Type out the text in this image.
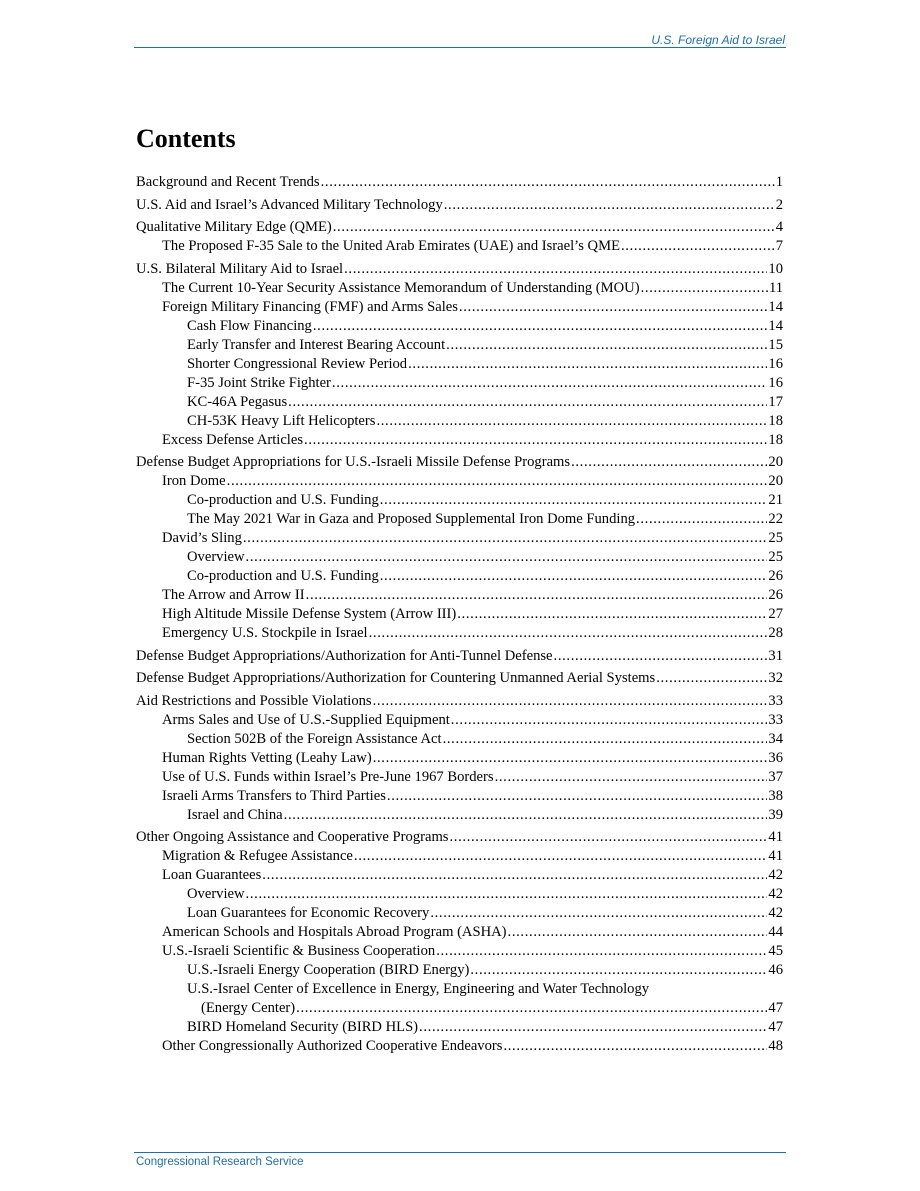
U.S. Foreign Aid to Israel
Contents
Background and Recent Trends . . .	1
U.S. Aid and Israel’s Advanced Military Technology . . .	2
Qualitative Military Edge (QME) . . .	4
The Proposed F-35 Sale to the United Arab Emirates (UAE) and Israel’s QME . . .	7
U.S. Bilateral Military Aid to Israel . . .	10
The Current 10-Year Security Assistance Memorandum of Understanding (MOU) . . .	11
Foreign Military Financing (FMF) and Arms Sales . . .	14
Cash Flow Financing . . .	14
Early Transfer and Interest Bearing Account . . .	15
Shorter Congressional Review Period . . .	16
F-35 Joint Strike Fighter . . .	16
KC-46A Pegasus . . .	17
CH-53K Heavy Lift Helicopters . . .	18
Excess Defense Articles . . .	18
Defense Budget Appropriations for U.S.-Israeli Missile Defense Programs . . .	20
Iron Dome . . .	20
Co-production and U.S. Funding . . .	21
The May 2021 War in Gaza and Proposed Supplemental Iron Dome Funding . . .	22
David’s Sling . . .	25
Overview . . .	25
Co-production and U.S. Funding . . .	26
The Arrow and Arrow II . . .	26
High Altitude Missile Defense System (Arrow III) . . .	27
Emergency U.S. Stockpile in Israel . . .	28
Defense Budget Appropriations/Authorization for Anti-Tunnel Defense . . .	31
Defense Budget Appropriations/Authorization for Countering Unmanned Aerial Systems . . .	32
Aid Restrictions and Possible Violations . . .	33
Arms Sales and Use of U.S.-Supplied Equipment . . .	33
Section 502B of the Foreign Assistance Act . . .	34
Human Rights Vetting (Leahy Law) . . .	36
Use of U.S. Funds within Israel’s Pre-June 1967 Borders . . .	37
Israeli Arms Transfers to Third Parties . . .	38
Israel and China . . .	39
Other Ongoing Assistance and Cooperative Programs . . .	41
Migration & Refugee Assistance . . .	41
Loan Guarantees . . .	42
Overview . . .	42
Loan Guarantees for Economic Recovery . . .	42
American Schools and Hospitals Abroad Program (ASHA) . . .	44
U.S.-Israeli Scientific & Business Cooperation . . .	45
U.S.-Israeli Energy Cooperation (BIRD Energy) . . .	46
U.S.-Israel Center of Excellence in Energy, Engineering and Water Technology
(Energy Center) . . .	47
BIRD Homeland Security (BIRD HLS) . . .	47
Other Congressionally Authorized Cooperative Endeavors . . .	48
Congressional Research Service
